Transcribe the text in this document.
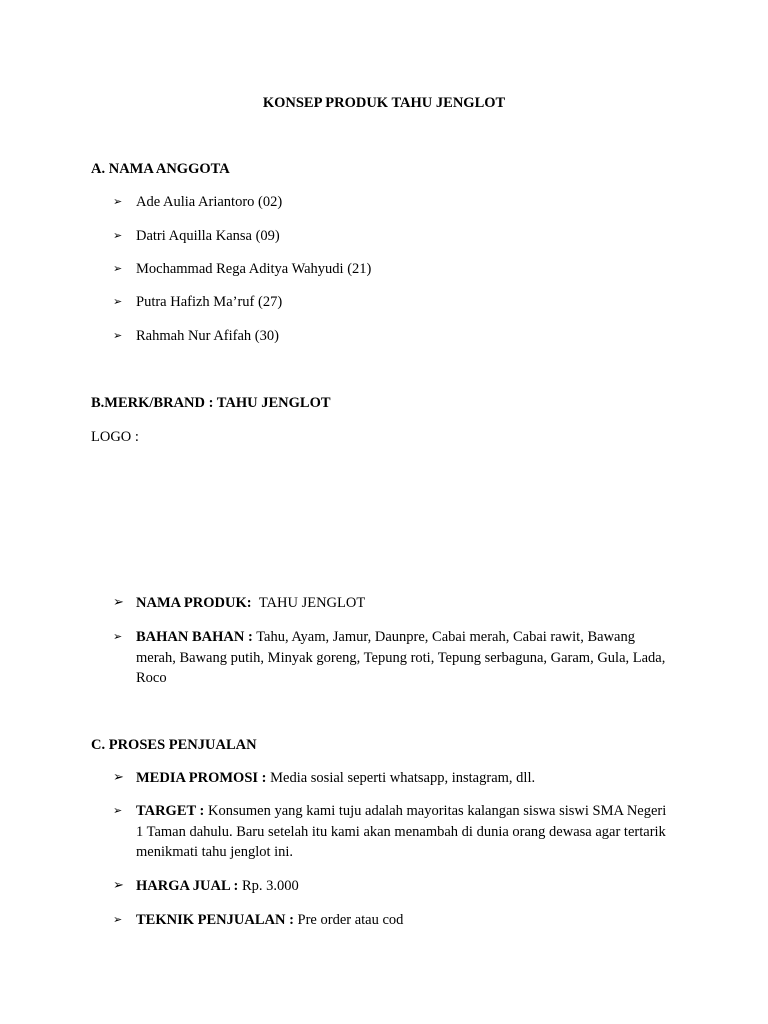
KONSEP PRODUK TAHU JENGLOT
A. NAMA ANGGOTA
➢ Ade Aulia Ariantoro (02)
➢ Datri Aquilla Kansa (09)
➢ Mochammad Rega Aditya Wahyudi (21)
➢ Putra Hafizh Ma’ruf (27)
➢ Rahmah Nur Afifah (30)
B.MERK/BRAND : TAHU JENGLOT
LOGO :
➢ NAMA PRODUK: TAHU JENGLOT
➢ BAHAN BAHAN : Tahu, Ayam, Jamur, Daunpre, Cabai merah, Cabai rawit, Bawang merah, Bawang putih, Minyak goreng, Tepung roti, Tepung serbaguna, Garam, Gula, Lada, Roco
C. PROSES PENJUALAN
➢ MEDIA PROMOSI : Media sosial seperti whatsapp, instagram, dll.
➢ TARGET : Konsumen yang kami tuju adalah mayoritas kalangan siswa siswi SMA Negeri 1 Taman dahulu. Baru setelah itu kami akan menambah di dunia orang dewasa agar tertarik menikmati tahu jenglot ini.
➢ HARGA JUAL : Rp. 3.000
➢ TEKNIK PENJUALAN : Pre order atau cod
